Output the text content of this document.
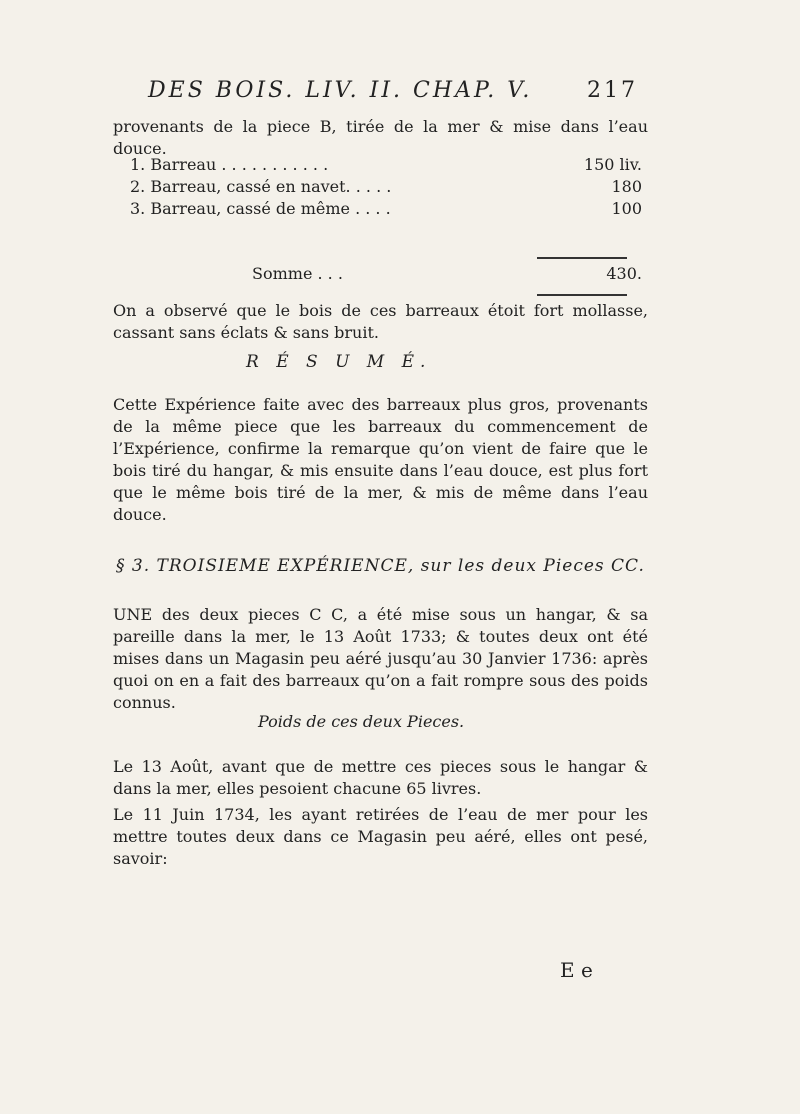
DES BOIS. LIV. II. CHAP. V. 217
provenants de la piece B, tirée de la mer & mise dans l’eau douce.
1. Barreau . . . . . . . . . . .	150 liv.
2. Barreau, cassé en navet. . . . .	180
3. Barreau, cassé de même . . . .	100
Somme . . .	430.
On a observé que le bois de ces barreaux étoit fort mollasse, cassant sans éclats & sans bruit.
R É S U M É.
Cette Expérience faite avec des barreaux plus gros, provenants de la même piece que les barreaux du commencement de l’Expérience, confirme la remarque qu’on vient de faire que le bois tiré du hangar, & mis ensuite dans l’eau douce, est plus fort que le même bois tiré de la mer, & mis de même dans l’eau douce.
§ 3. TROISIEME EXPÉRIENCE, sur les deux Pieces CC.
UNE des deux pieces C C, a été mise sous un hangar, & sa pareille dans la mer, le 13 Août 1733; & toutes deux ont été mises dans un Magasin peu aéré jusqu’au 30 Janvier 1736: après quoi on en a fait des barreaux qu’on a fait rompre sous des poids connus.
Poids de ces deux Pieces.
Le 13 Août, avant que de mettre ces pieces sous le hangar & dans la mer, elles pesoient chacune 65 livres.
Le 11 Juin 1734, les ayant retirées de l’eau de mer pour les mettre toutes deux dans ce Magasin peu aéré, elles ont pesé, savoir:
E e
